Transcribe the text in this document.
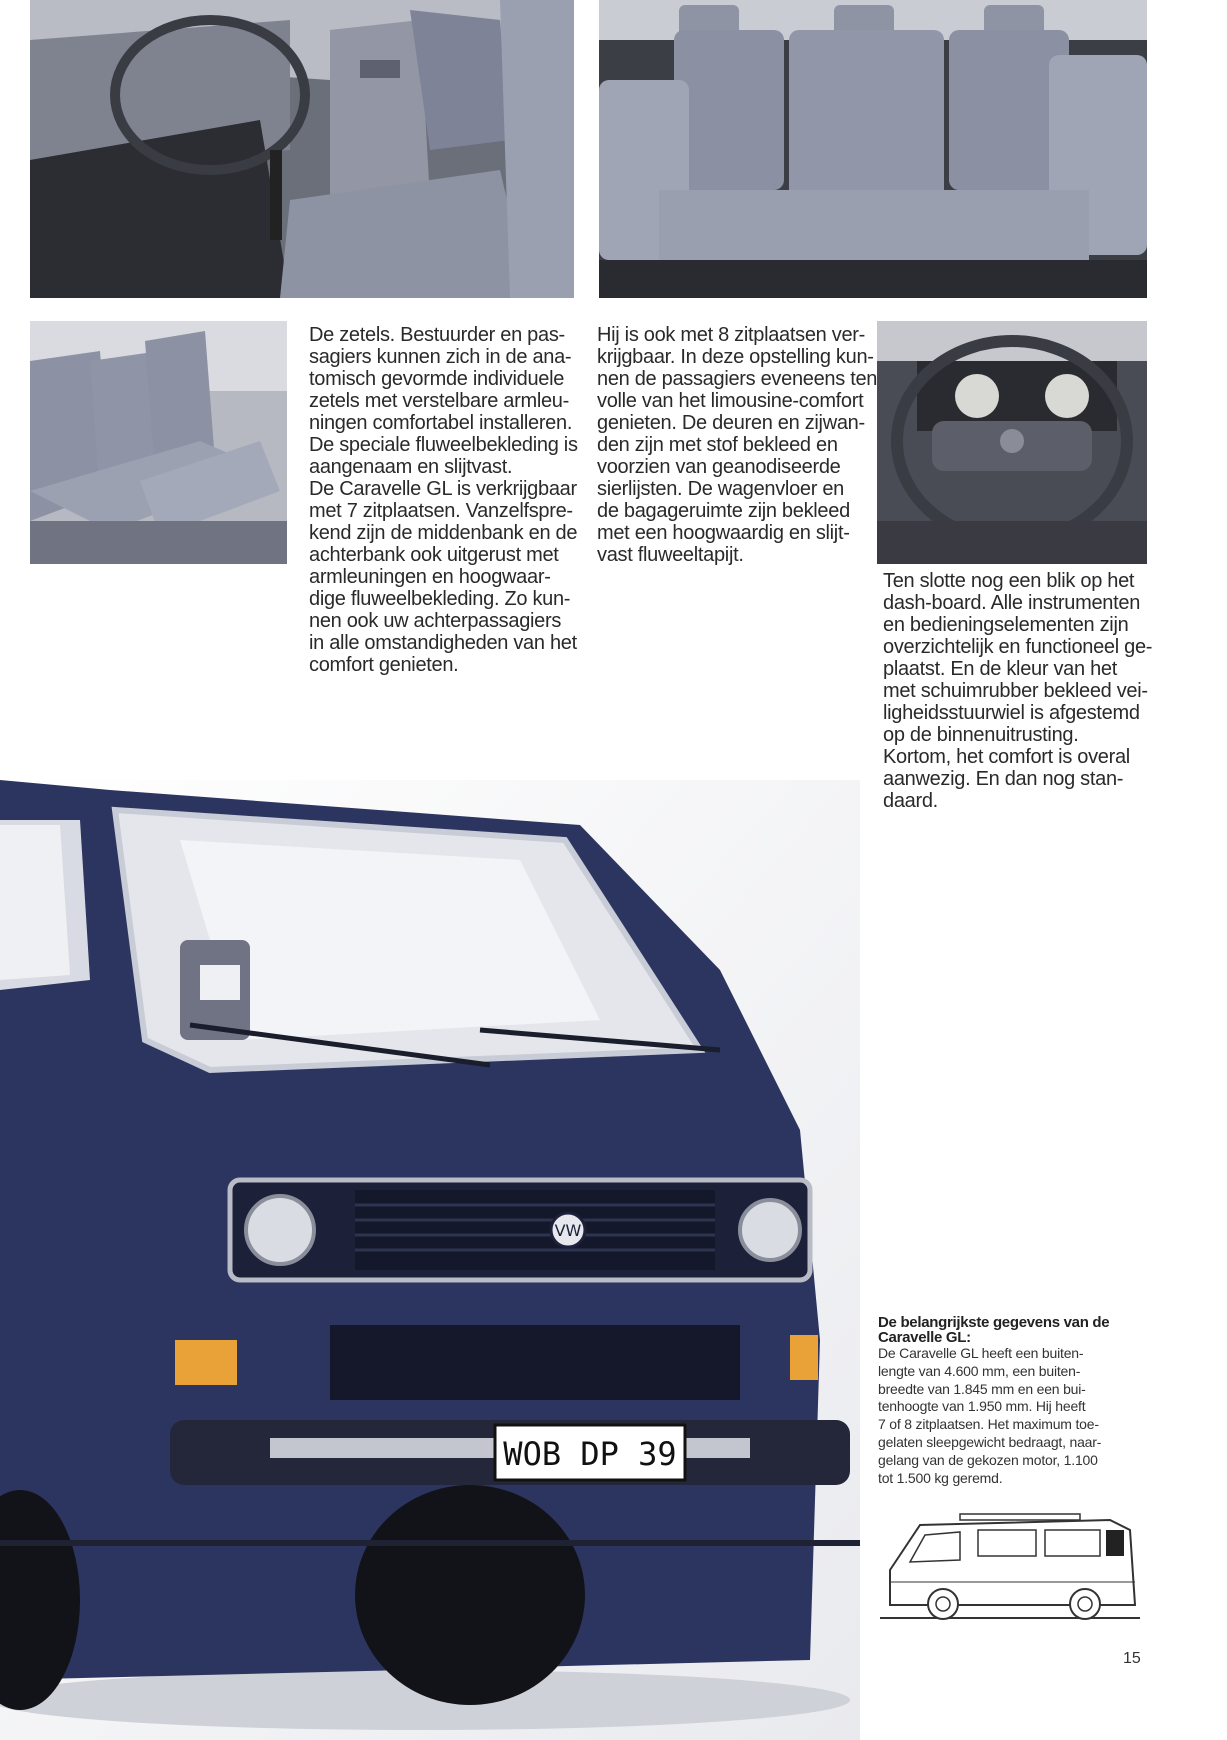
De zetels. Bestuurder en pas-

sagiers kunnen zich in de ana-

tomisch gevormde individuele

zetels met verstelbare armleu-

ningen comfortabel installeren.

De speciale fluweelbekleding is

aangenaam en slijtvast.

De Caravelle GL is verkrijgbaar

met 7 zitplaatsen. Vanzelfspre-

kend zijn de middenbank en de

achterbank ook uitgerust met

armleuningen en hoogwaar-

dige fluweelbekleding. Zo kun-

nen ook uw achterpassagiers

in alle omstandigheden van het

comfort genieten.

Hij is ook met 8 zitplaatsen ver-

krijgbaar. In deze opstelling kun-

nen de passagiers eveneens ten

volle van het limousine-comfort

genieten. De deuren en zijwan-

den zijn met stof bekleed en

voorzien van geanodiseerde

sierlijsten. De wagenvloer en

de bagageruimte zijn bekleed

met een hoogwaardig en slijt-

vast fluweeltapijt.

Ten slotte nog een blik op het

dash-board. Alle instrumenten

en bedieningselementen zijn

overzichtelijk en functioneel ge-

plaatst. En de kleur van het

met schuimrubber bekleed vei-

ligheidsstuurwiel is afgestemd

op de binnenuitrusting.

Kortom, het comfort is overal

aanwezig. En dan nog stan-

daard.

VW
WOB DP 39
De belangrijkste gegevens van de
Caravelle GL:

De Caravelle GL heeft een buiten-

lengte van 4.600 mm, een buiten-

breedte van 1.845 mm en een bui-

tenhoogte van 1.950 mm. Hij heeft

7 of 8 zitplaatsen. Het maximum toe-

gelaten sleepgewicht bedraagt, naar-

gelang van de gekozen motor, 1.100

tot 1.500 kg geremd.

15
